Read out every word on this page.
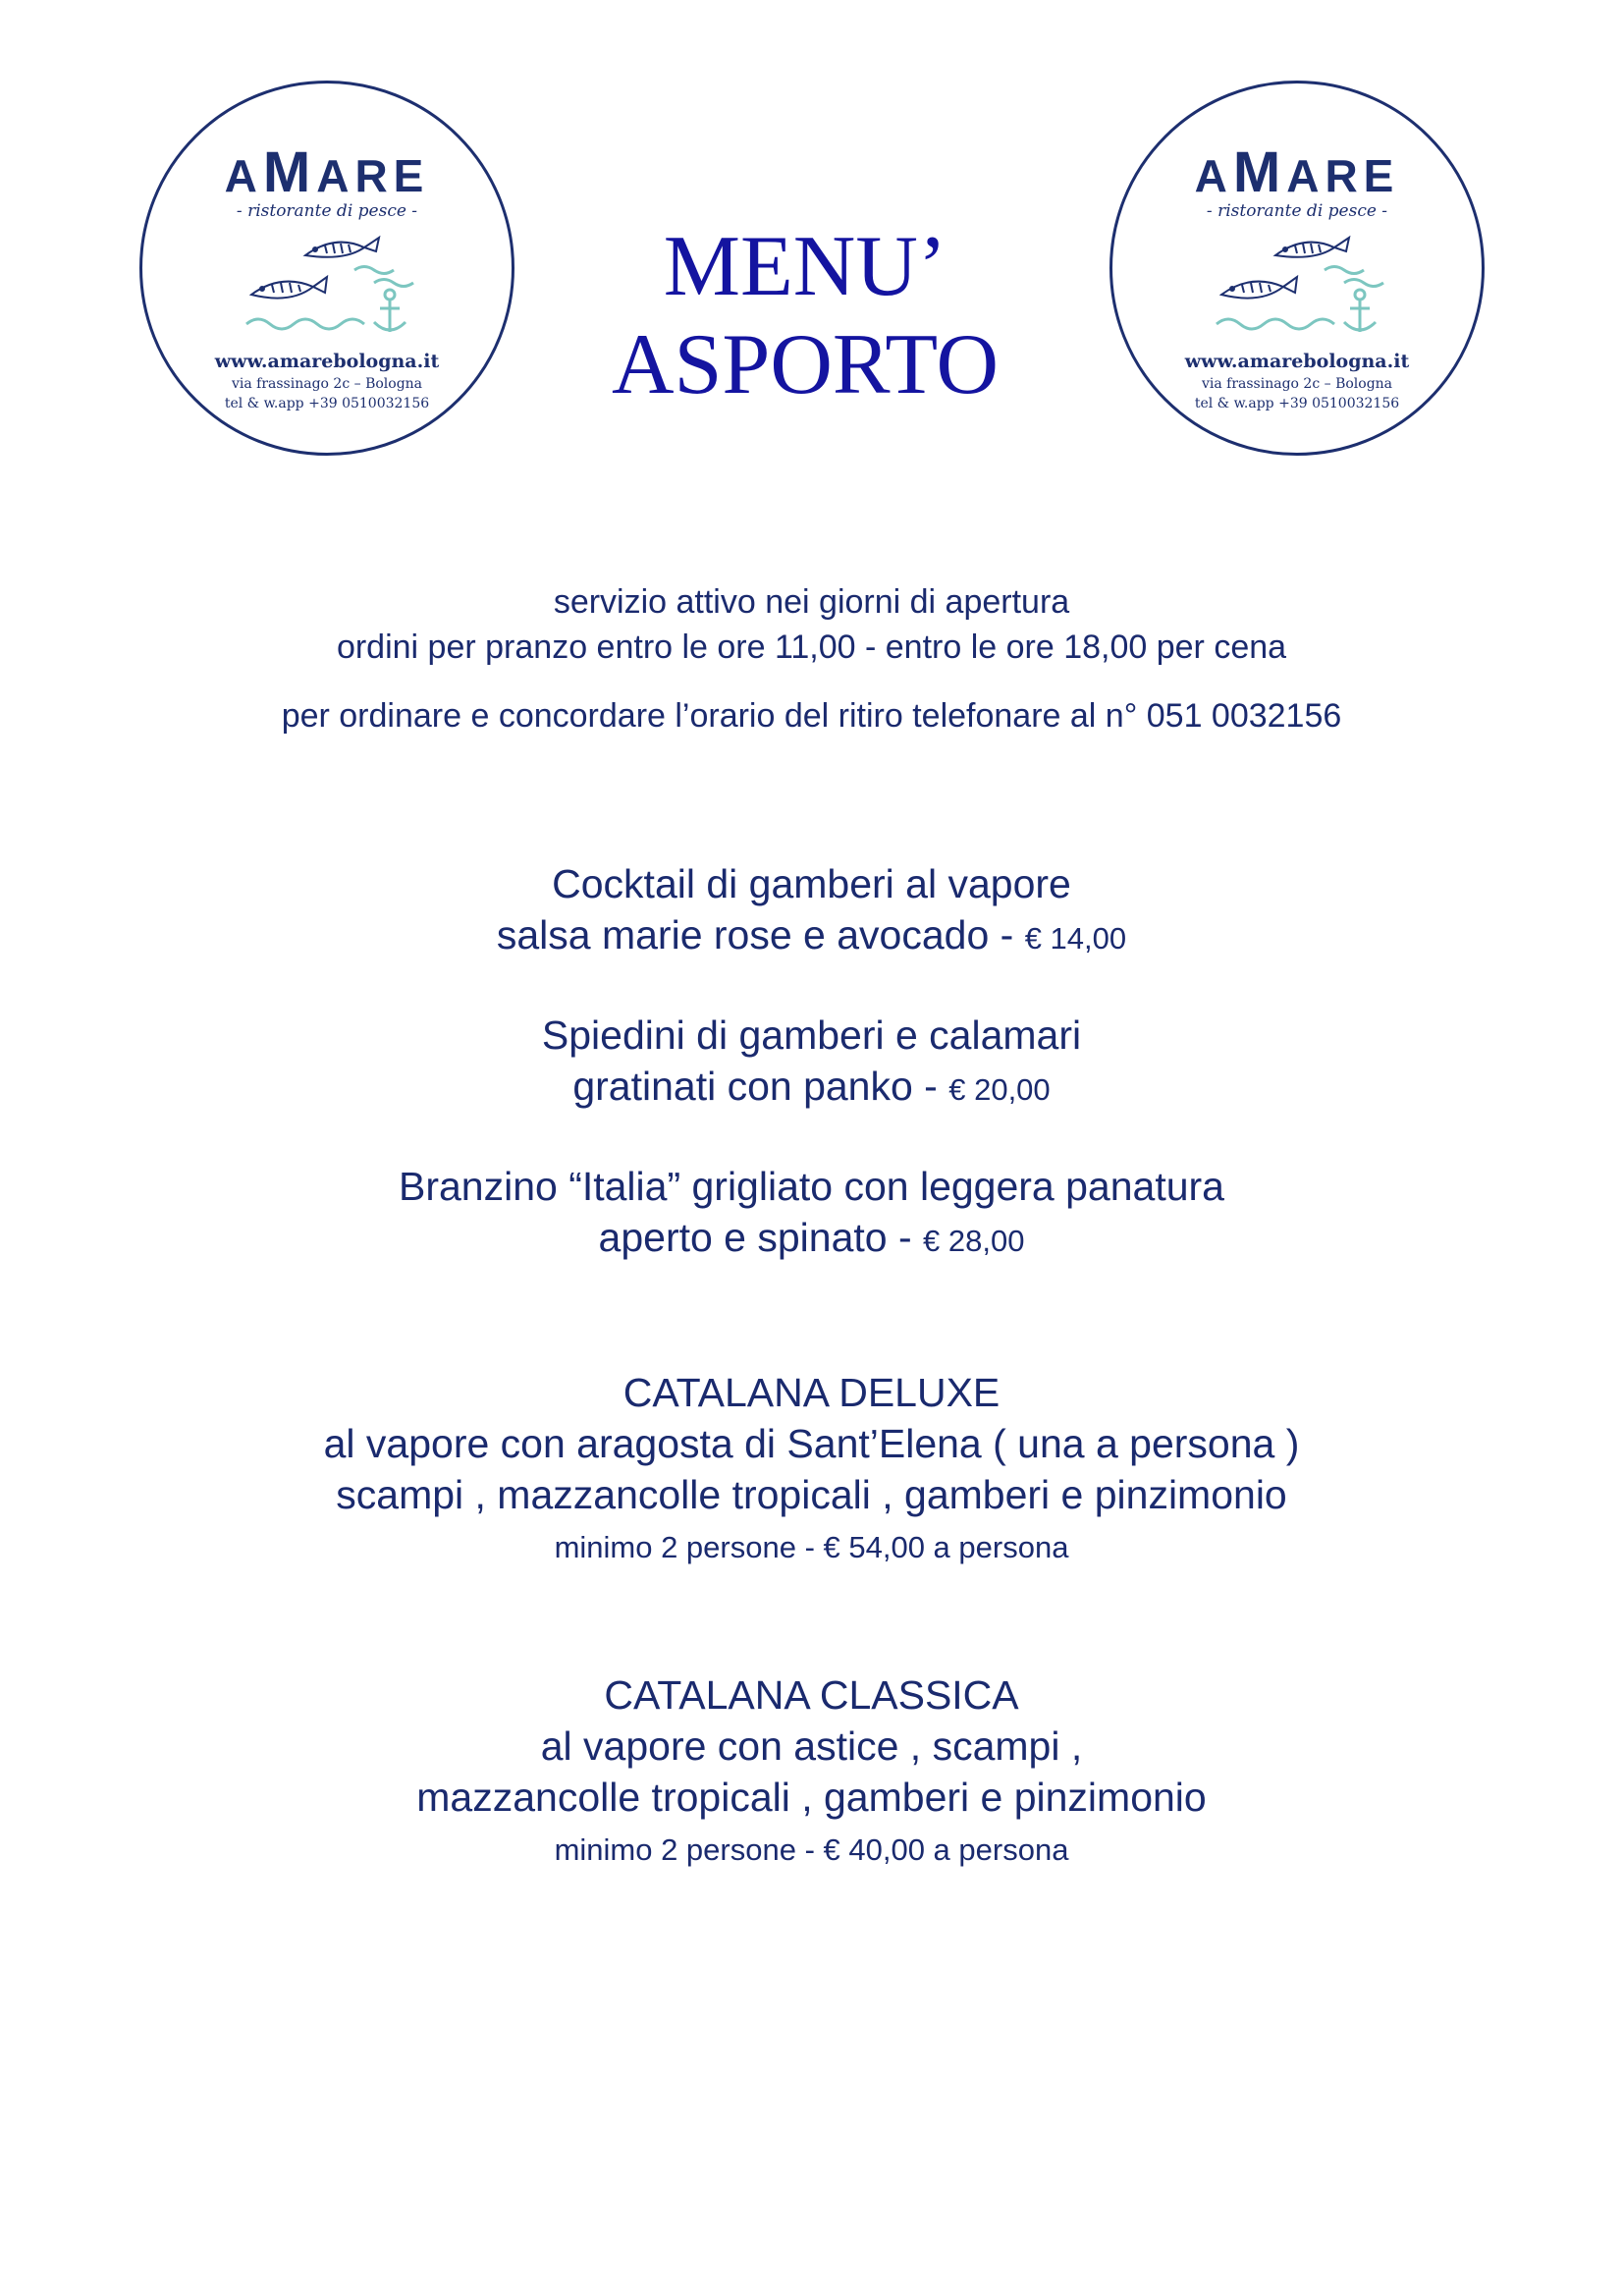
AMARE
- ristorante di pesce -
www.amarebologna.it
via frassinago 2c – Bologna
tel & w.app +39 0510032156
MENU’
ASPORTO
AMARE
- ristorante di pesce -
www.amarebologna.it
via frassinago 2c – Bologna
tel & w.app +39 0510032156
servizio attivo nei giorni di apertura
ordini per pranzo entro le ore 11,00 - entro le ore 18,00 per cena
per ordinare e concordare l’orario del ritiro telefonare al n° 051 0032156
Cocktail di gamberi al vapore
salsa marie rose e avocado - € 14,00
Spiedini di gamberi e calamari
gratinati con panko - € 20,00
Branzino “Italia” grigliato con leggera panatura
aperto e spinato - € 28,00
CATALANA DELUXE
al vapore con aragosta di Sant’Elena ( una a persona )
scampi , mazzancolle tropicali , gamberi e pinzimonio
minimo 2 persone - € 54,00 a persona
CATALANA CLASSICA
al vapore con astice , scampi ,
mazzancolle tropicali , gamberi e pinzimonio
minimo 2 persone - € 40,00 a persona
